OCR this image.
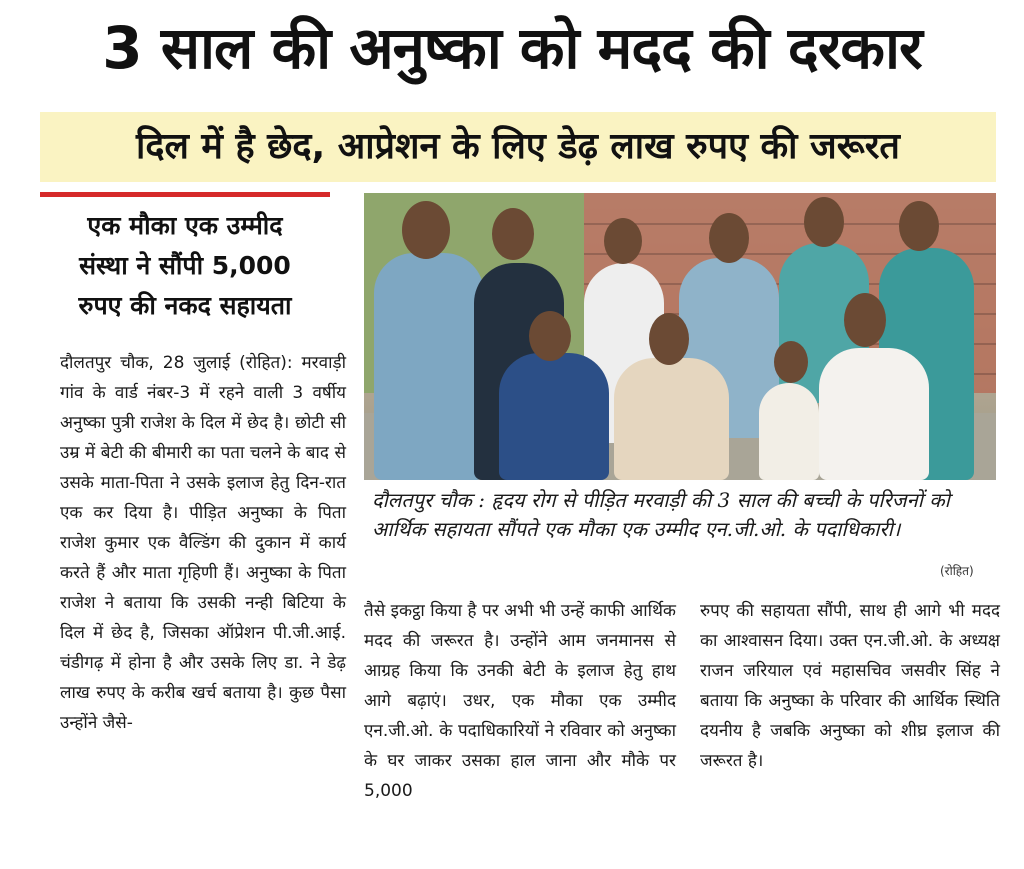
3 साल की अनुष्का को मदद की दरकार
दिल में है छेद, आप्रेशन के लिए डेढ़ लाख रुपए की जरूरत
एक मौका एक उम्मीद
संस्था ने सौंपी 5,000
रुपए की नकद सहायता
दौलतपुर चौक : हृदय रोग से पीड़ित मरवाड़ी की 3 साल की बच्ची के परिजनों को आर्थिक सहायता सौंपते एक मौका एक उम्मीद एन.जी.ओ. के पदाधिकारी।
(रोहित)

दौलतपुर चौक, 28 जुलाई (रोहित): मरवाड़ी गांव के वार्ड नंबर-3 में रहने वाली 3 वर्षीय अनुष्का पुत्री राजेश के दिल में छेद है। छोटी सी उम्र में बेटी की बीमारी का पता चलने के बाद से उसके माता-पिता ने उसके इलाज हेतु दिन-रात एक कर दिया है। पीड़ित अनुष्का के पिता राजेश कुमार एक वैल्डिंग की दुकान में कार्य करते हैं और माता गृहिणी हैं। अनुष्का के पिता राजेश ने बताया कि उसकी नन्ही बिटिया के दिल में छेद है, जिसका ऑप्रेशन पी.जी.आई. चंडीगढ़ में होना है और उसके लिए डा. ने डेढ़ लाख रुपए के करीब खर्च बताया है। कुछ पैसा उन्होंने जैसे-

तैसे इकट्ठा किया है पर अभी भी उन्हें काफी आर्थिक मदद की जरूरत है। उन्होंने आम जनमानस से आग्रह किया कि उनकी बेटी के इलाज हेतु हाथ आगे बढ़ाएं। उधर, एक मौका एक उम्मीद एन.जी.ओ. के पदाधिकारियों ने रविवार को अनुष्का के घर जाकर उसका हाल जाना और मौके पर 5,000

रुपए की सहायता सौंपी, साथ ही आगे भी मदद का आश्वासन दिया। उक्त एन.जी.ओ. के अध्यक्ष राजन जरियाल एवं महासचिव जसवीर सिंह ने बताया कि अनुष्का के परिवार की आर्थिक स्थिति दयनीय है जबकि अनुष्का को शीघ्र इलाज की जरूरत है।
